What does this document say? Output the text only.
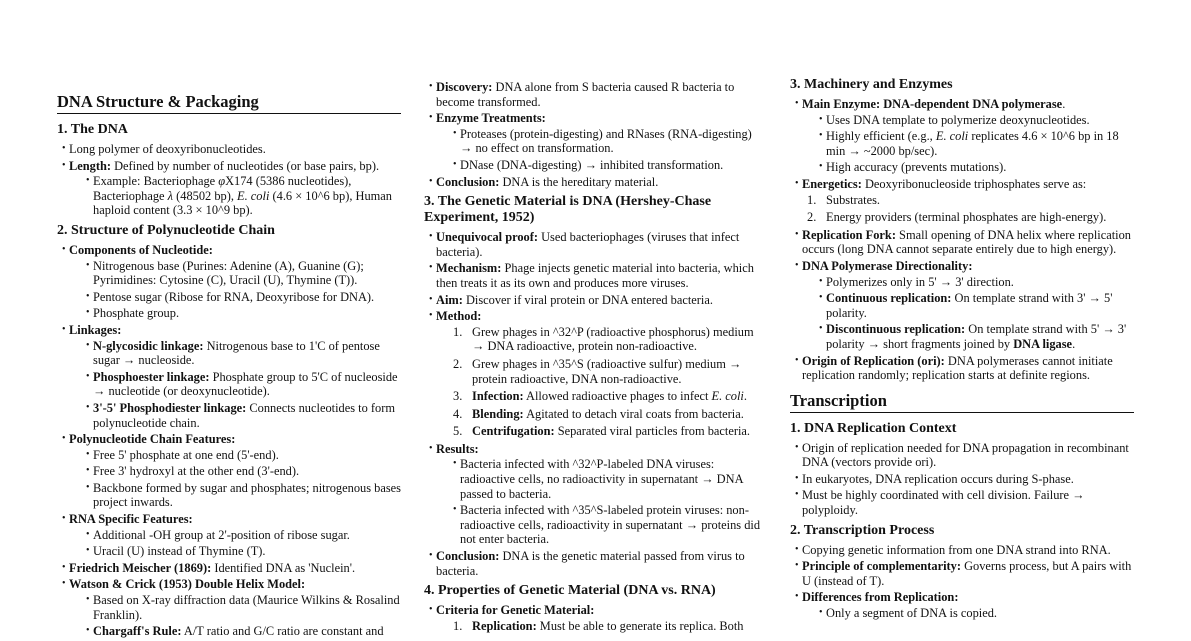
DNA Structure & Packaging
1. The DNA
• Long polymer of deoxyribonucleotides.
• Length: Defined by number of nucleotides (or base pairs, bp).
• Example: Bacteriophage φX174 (5386 nucleotides), Bacteriophage λ (48502 bp), E. coli (4.6 × 10^6 bp), Human haploid content (3.3 × 10^9 bp).
2. Structure of Polynucleotide Chain
• Components of Nucleotide:
• Nitrogenous base (Purines: Adenine (A), Guanine (G); Pyrimidines: Cytosine (C), Uracil (U), Thymine (T)).
• Pentose sugar (Ribose for RNA, Deoxyribose for DNA).
• Phosphate group.
• Linkages:
• N-glycosidic linkage: Nitrogenous base to 1'C of pentose sugar → nucleoside.
• Phosphoester linkage: Phosphate group to 5'C of nucleoside → nucleotide (or deoxynucleotide).
• 3'-5' Phosphodiester linkage: Connects nucleotides to form polynucleotide chain.
• Polynucleotide Chain Features:
• Free 5' phosphate at one end (5'-end).
• Free 3' hydroxyl at the other end (3'-end).
• Backbone formed by sugar and phosphates; nitrogenous bases project inwards.
• RNA Specific Features:
• Additional -OH group at 2'-position of ribose sugar.
• Uracil (U) instead of Thymine (T).
• Friedrich Meischer (1869): Identified DNA as 'Nuclein'.
• Watson & Crick (1953) Double Helix Model:
• Based on X-ray diffraction data (Maurice Wilkins & Rosalind Franklin).
• Chargaff's Rule: A/T ratio and G/C ratio are constant and
• Discovery: DNA alone from S bacteria caused R bacteria to become transformed.
• Enzyme Treatments:
• Proteases (protein-digesting) and RNases (RNA-digesting) → no effect on transformation.
• DNase (DNA-digesting) → inhibited transformation.
• Conclusion: DNA is the hereditary material.
3. The Genetic Material is DNA (Hershey-Chase Experiment, 1952)
• Unequivocal proof: Used bacteriophages (viruses that infect bacteria).
• Mechanism: Phage injects genetic material into bacteria, which then treats it as its own and produces more viruses.
• Aim: Discover if viral protein or DNA entered bacteria.
• Method:
1. Grew phages in ^32^P (radioactive phosphorus) medium → DNA radioactive, protein non-radioactive.
2. Grew phages in ^35^S (radioactive sulfur) medium → protein radioactive, DNA non-radioactive.
3. Infection: Allowed radioactive phages to infect E. coli.
4. Blending: Agitated to detach viral coats from bacteria.
5. Centrifugation: Separated viral particles from bacteria.
• Results:
• Bacteria infected with ^32^P-labeled DNA viruses: radioactive cells, no radioactivity in supernatant → DNA passed to bacteria.
• Bacteria infected with ^35^S-labeled protein viruses: non-radioactive cells, radioactivity in supernatant → proteins did not enter bacteria.
• Conclusion: DNA is the genetic material passed from virus to bacteria.
4. Properties of Genetic Material (DNA vs. RNA)
• Criteria for Genetic Material:
1. Replication: Must be able to generate its replica. Both
3. Machinery and Enzymes
• Main Enzyme: DNA-dependent DNA polymerase.
• Uses DNA template to polymerize deoxynucleotides.
• Highly efficient (e.g., E. coli replicates 4.6 × 10^6 bp in 18 min → ~2000 bp/sec).
• High accuracy (prevents mutations).
• Energetics: Deoxyribonucleoside triphosphates serve as:
1. Substrates.
2. Energy providers (terminal phosphates are high-energy).
• Replication Fork: Small opening of DNA helix where replication occurs (long DNA cannot separate entirely due to high energy).
• DNA Polymerase Directionality:
• Polymerizes only in 5' → 3' direction.
• Continuous replication: On template strand with 3' → 5' polarity.
• Discontinuous replication: On template strand with 5' → 3' polarity → short fragments joined by DNA ligase.
• Origin of Replication (ori): DNA polymerases cannot initiate replication randomly; replication starts at definite regions.
Transcription
1. DNA Replication Context
• Origin of replication needed for DNA propagation in recombinant DNA (vectors provide ori).
• In eukaryotes, DNA replication occurs during S-phase.
• Must be highly coordinated with cell division. Failure → polyploidy.
2. Transcription Process
• Copying genetic information from one DNA strand into RNA.
• Principle of complementarity: Governs process, but A pairs with U (instead of T).
• Differences from Replication:
• Only a segment of DNA is copied.
